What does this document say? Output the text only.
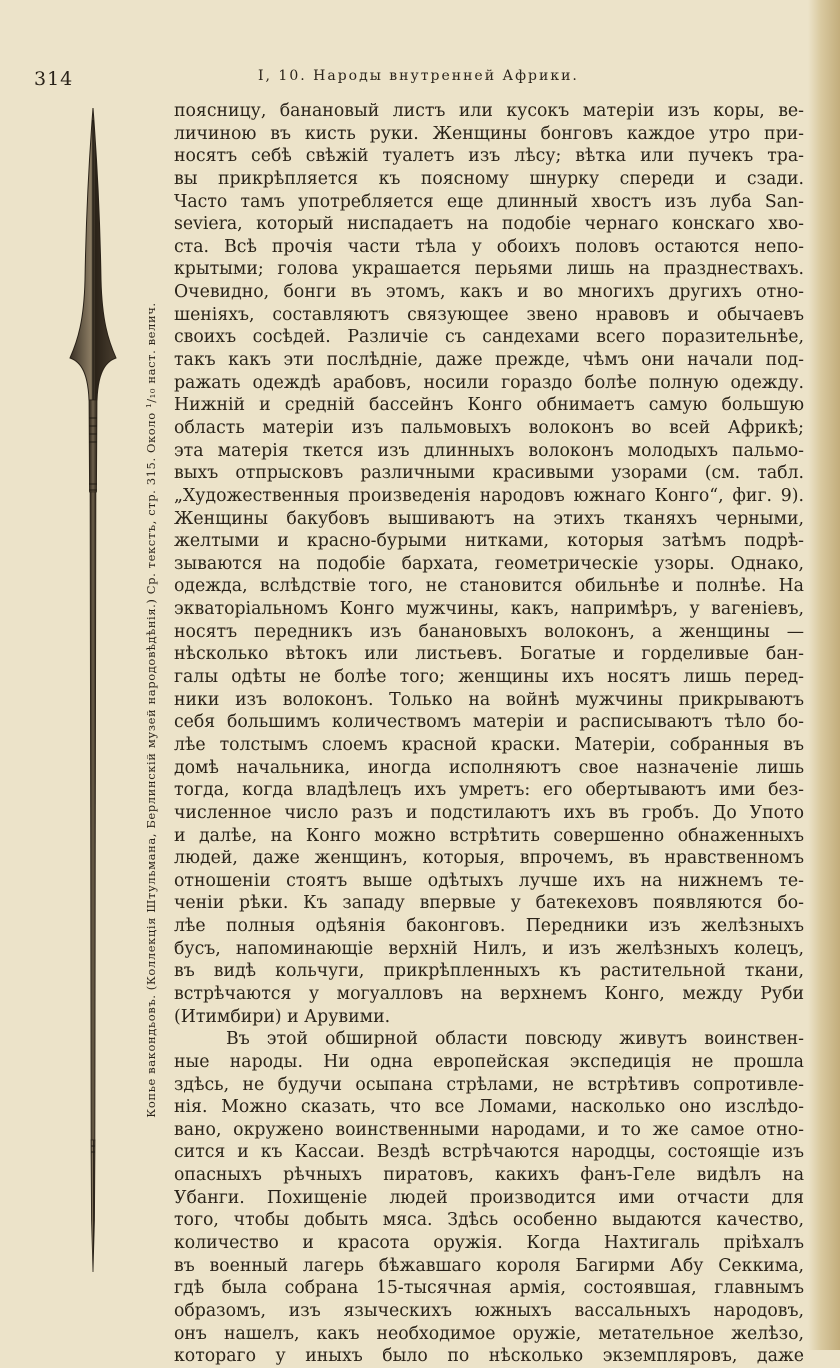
314	I, 10. Народы внутренней Африки.
Копье вакондьовъ. (Коллекція Штульмана, Берлинскій музей народовѣдѣнія.) Ср. текстъ, стр. 315. Около ¹/₁₀ наст. велич.
поясницу, банановый листъ или кусокъ матеріи изъ коры, ве-
личиною въ кисть руки. Женщины бонговъ каждое утро при-
носятъ себѣ свѣжій туалетъ изъ лѣсу; вѣтка или пучекъ тра-
вы прикрѣпляется къ поясному шнурку спереди и сзади.
Часто тамъ употребляется еще длинный хвостъ изъ луба San-
seviera, который ниспадаетъ на подобіе чернаго конскаго хво-
ста. Всѣ прочія части тѣла у обоихъ половъ остаются непо-
крытыми; голова украшается перьями лишь на празднествахъ.
Очевидно, бонги въ этомъ, какъ и во многихъ другихъ отно-
шеніяхъ, составляютъ связующее звено нравовъ и обычаевъ
своихъ сосѣдей. Различіе съ сандехами всего поразительнѣе,
такъ какъ эти послѣдніе, даже прежде, чѣмъ они начали под-
ражать одеждѣ арабовъ, носили гораздо болѣе полную одежду.
Нижній и средній бассейнъ Конго обнимаетъ самую большую
область матеріи изъ пальмовыхъ волоконъ во всей Африкѣ;
эта матерія ткется изъ длинныхъ волоконъ молодыхъ пальмо-
выхъ отпрысковъ различными красивыми узорами (см. табл.
„Художественныя произведенія народовъ южнаго Конго“, фиг. 9).
Женщины бакубовъ вышиваютъ на этихъ тканяхъ черными,
желтыми и красно-бурыми нитками, которыя затѣмъ подрѣ-
зываются на подобіе бархата, геометрическіе узоры. Однако,
одежда, вслѣдствіе того, не становится обильнѣе и полнѣе. На
экваторіальномъ Конго мужчины, какъ, напримѣръ, у вагеніевъ,
носятъ передникъ изъ банановыхъ волоконъ, а женщины —
нѣсколько вѣтокъ или листьевъ. Богатые и горделивые бан-
галы одѣты не болѣе того; женщины ихъ носятъ лишь перед-
ники изъ волоконъ. Только на войнѣ мужчины прикрываютъ
себя большимъ количествомъ матеріи и расписываютъ тѣло бо-
лѣе толстымъ слоемъ красной краски. Матеріи, собранныя въ
домѣ начальника, иногда исполняютъ свое назначеніе лишь
тогда, когда владѣлецъ ихъ умретъ: его обертываютъ ими без-
численное число разъ и подстилаютъ ихъ въ гробъ. До Упото
и далѣе, на Конго можно встрѣтить совершенно обнаженныхъ
людей, даже женщинъ, которыя, впрочемъ, въ нравственномъ
отношеніи стоятъ выше одѣтыхъ лучше ихъ на нижнемъ те-
ченіи рѣки. Къ западу впервые у батекеховъ появляются бо-
лѣе полныя одѣянія баконговъ. Передники изъ желѣзныхъ
бусъ, напоминающіе верхній Нилъ, и изъ желѣзныхъ колецъ,
въ видѣ кольчуги, прикрѣпленныхъ къ растительной ткани,
встрѣчаются у могуалловъ на верхнемъ Конго, между Руби
(Итимбири) и Арувими.
Въ этой обширной области повсюду живутъ воинствен-
ные народы. Ни одна европейская экспедиція не прошла
здѣсь, не будучи осыпана стрѣлами, не встрѣтивъ сопротивле-
нія. Можно сказать, что все Ломами, насколько оно изслѣдо-
вано, окружено воинственными народами, и то же самое отно-
сится и къ Кассаи. Вездѣ встрѣчаются народцы, состоящіе изъ
опасныхъ рѣчныхъ пиратовъ, какихъ фанъ-Геле видѣлъ на
Убанги. Похищеніе людей производится ими отчасти для
того, чтобы добыть мяса. Здѣсь особенно выдаются качество,
количество и красота оружія. Когда Нахтигаль пріѣхалъ
въ военный лагерь бѣжавшаго короля Багирми Абу Секкима,
гдѣ была собрана 15-тысячная армія, состоявшая, главнымъ
образомъ, изъ языческихъ южныхъ вассальныхъ народовъ,
онъ нашелъ, какъ необходимое оружіе, метательное желѣзо,
котораго у иныхъ было по нѣсколько экземпляровъ, даже
